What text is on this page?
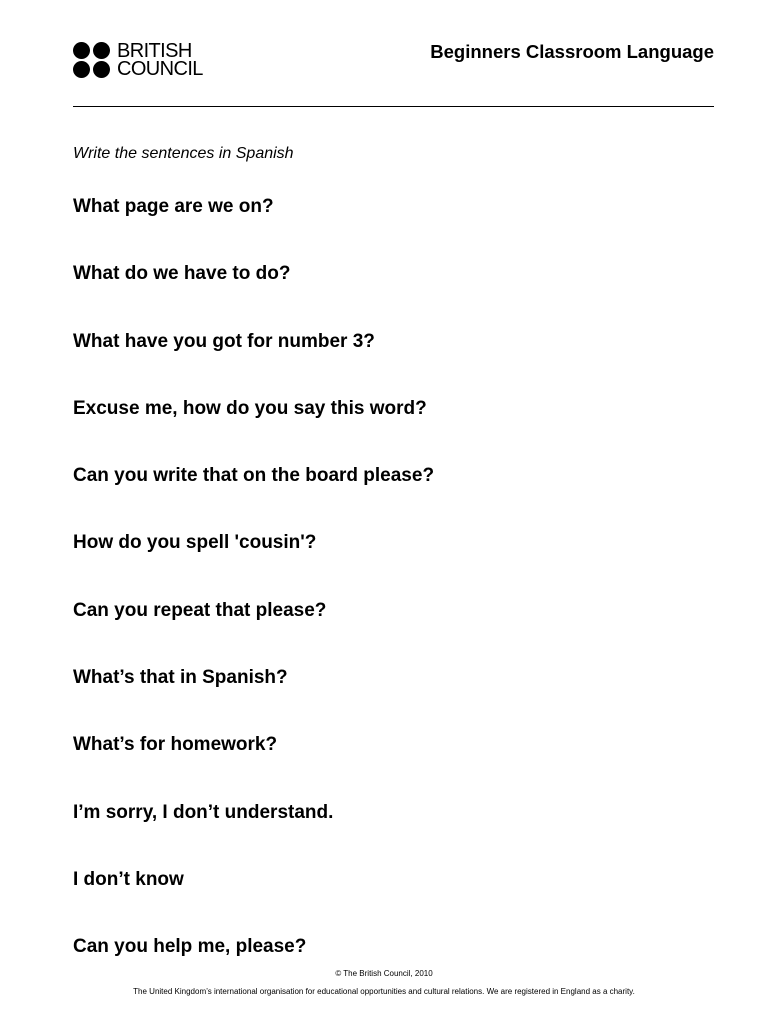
BRITISH
COUNCIL
Beginners Classroom Language
Write the sentences in Spanish
What page are we on?
What do we have to do?
What have you got for number 3?
Excuse me, how do you say this word?
Can you write that on the board please?
How do you spell 'cousin'?
Can you repeat that please?
What’s that in Spanish?
What’s for homework?
I’m sorry, I don’t understand.
I don’t know
Can you help me, please?
© The British Council, 2010
The United Kingdom’s international organisation for educational opportunities and cultural relations. We are registered in England as a charity.
